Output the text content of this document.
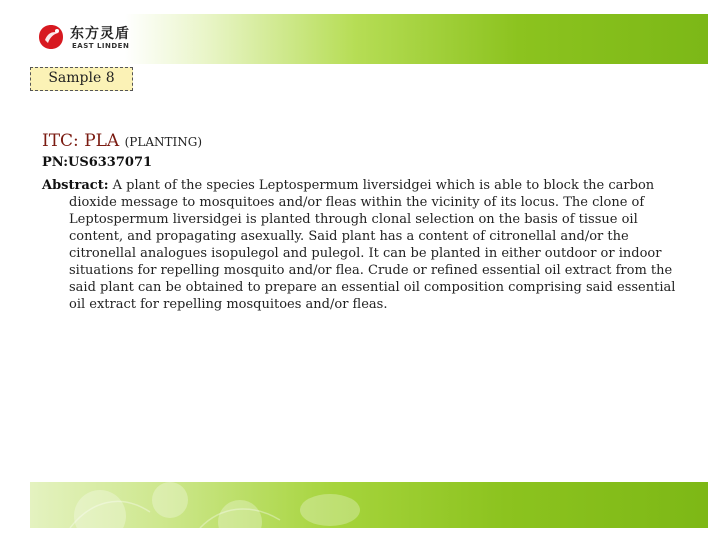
东方灵盾
EAST LINDEN
Sample 8
ITC: PLA (PLANTING)
PN:US6337071
Abstract: A plant of the species Leptospermum liversidgei which is able to block the carbon dioxide message to mosquitoes and/or fleas within the vicinity of its locus. The clone of Leptospermum liversidgei is planted through clonal selection on the basis of tissue oil content, and propagating asexually. Said plant has a content of citronellal and/or the citronellal analogues isopulegol and pulegol. It can be planted in either outdoor or indoor situations for repelling mosquito and/or flea. Crude or refined essential oil extract from the said plant can be obtained to prepare an essential oil composition comprising said essential oil extract for repelling mosquitoes and/or fleas.
